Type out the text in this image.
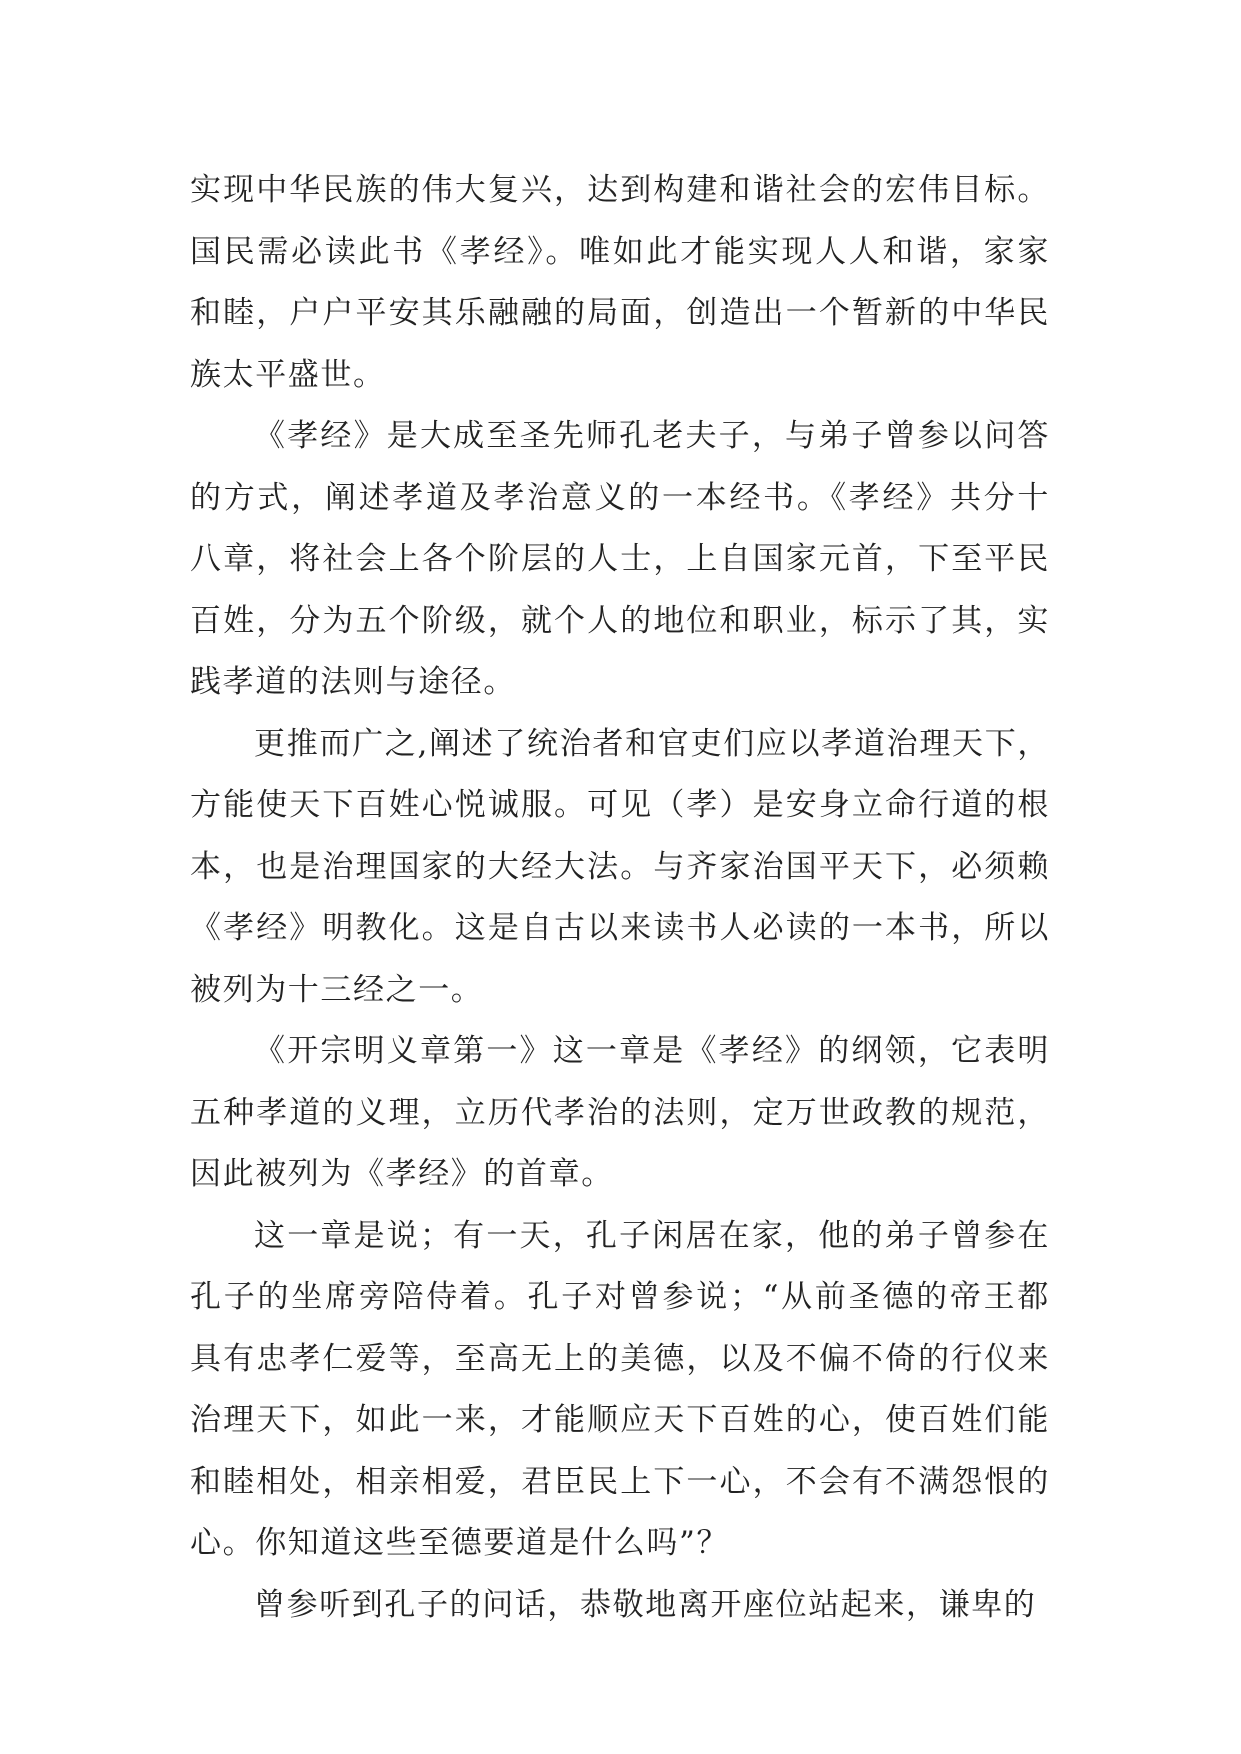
实现中华民族的伟大复兴，达到构建和谐社会的宏伟目标。国民需必读此书《孝经》。唯如此才能实现人人和谐，家家和睦，户户平安其乐融融的局面，创造出一个暂新的中华民族太平盛世。

《孝经》是大成至圣先师孔老夫子，与弟子曾参以问答的方式，阐述孝道及孝治意义的一本经书。《孝经》共分十八章，将社会上各个阶层的人士，上自国家元首，下至平民百姓，分为五个阶级，就个人的地位和职业，标示了其，实践孝道的法则与途径。

更推而广之,阐述了统治者和官吏们应以孝道治理天下，方能使天下百姓心悦诚服。可见（孝）是安身立命行道的根本，也是治理国家的大经大法。与齐家治国平天下，必须赖《孝经》明教化。这是自古以来读书人必读的一本书，所以被列为十三经之一。

《开宗明义章第一》这一章是《孝经》的纲领，它表明五种孝道的义理，立历代孝治的法则，定万世政教的规范，因此被列为《孝经》的首章。

这一章是说；有一天，孔子闲居在家，他的弟子曾参在孔子的坐席旁陪侍着。孔子对曾参说；“从前圣德的帝王都具有忠孝仁爱等，至高无上的美德，以及不偏不倚的行仪来治理天下，如此一来，才能顺应天下百姓的心，使百姓们能和睦相处，相亲相爱，君臣民上下一心，不会有不满怨恨的心。你知道这些至德要道是什么吗”？

曾参听到孔子的问话，恭敬地离开座位站起来，谦卑的
